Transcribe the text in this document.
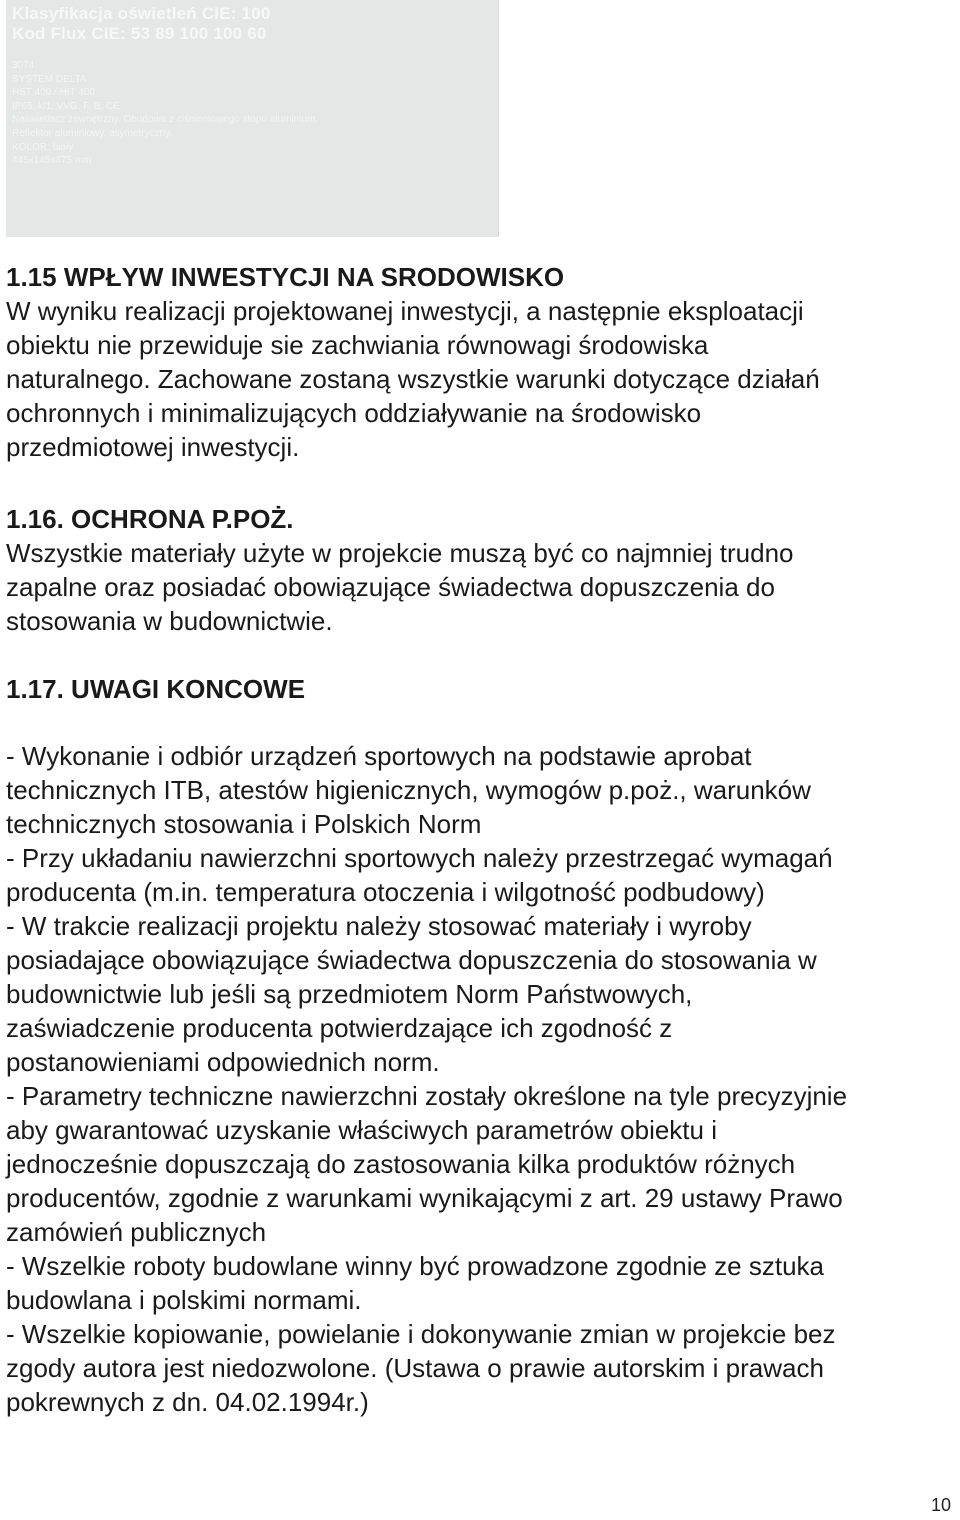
Klasyfikacja oświetleń CIE: 100

Kod Flux CIE: 53 89 100 100 60

3074

SYSTEM DELTA

HST 400 / HIT 400

IP65, kl1, VVG, F, B, CE

Naświetlacz zewnętrzny. Obudowa z ciśnieniowego stopu aluminium.

Reflektor aluminiowy, asymetryczny.

KOLOR: biały

445x145x475 mm

1.15 WPŁYW INWESTYCJI NA SRODOWISKO

W wyniku realizacji projektowanej inwestycji, a następnie eksploatacji

obiektu nie przewiduje sie zachwiania równowagi środowiska

naturalnego. Zachowane zostaną wszystkie warunki dotyczące działań

ochronnych i minimalizujących oddziaływanie na środowisko

przedmiotowej inwestycji.

1.16. OCHRONA P.POŻ.

Wszystkie materiały użyte w projekcie muszą być co najmniej trudno

zapalne oraz posiadać obowiązujące świadectwa dopuszczenia do

stosowania w budownictwie.

1.17. UWAGI KONCOWE

- Wykonanie i odbiór urządzeń sportowych na podstawie aprobat

technicznych ITB, atestów higienicznych, wymogów p.poż., warunków

technicznych stosowania i Polskich Norm

- Przy układaniu nawierzchni sportowych należy przestrzegać wymagań

producenta (m.in. temperatura otoczenia i wilgotność podbudowy)

- W trakcie realizacji projektu należy stosować materiały i wyroby

posiadające obowiązujące świadectwa dopuszczenia do stosowania w

budownictwie lub jeśli są przedmiotem Norm Państwowych,

zaświadczenie producenta potwierdzające ich zgodność z

postanowieniami odpowiednich norm.

- Parametry techniczne nawierzchni zostały określone na tyle precyzyjnie

aby gwarantować uzyskanie właściwych parametrów obiektu i

jednocześnie dopuszczają do zastosowania kilka produktów różnych

producentów, zgodnie z warunkami wynikającymi z art. 29 ustawy Prawo

zamówień publicznych

- Wszelkie roboty budowlane winny być prowadzone zgodnie ze sztuka

budowlana i polskimi normami.

- Wszelkie kopiowanie, powielanie i dokonywanie zmian w projekcie bez

zgody autora jest niedozwolone. (Ustawa o prawie autorskim i prawach

pokrewnych z dn. 04.02.1994r.)

10
